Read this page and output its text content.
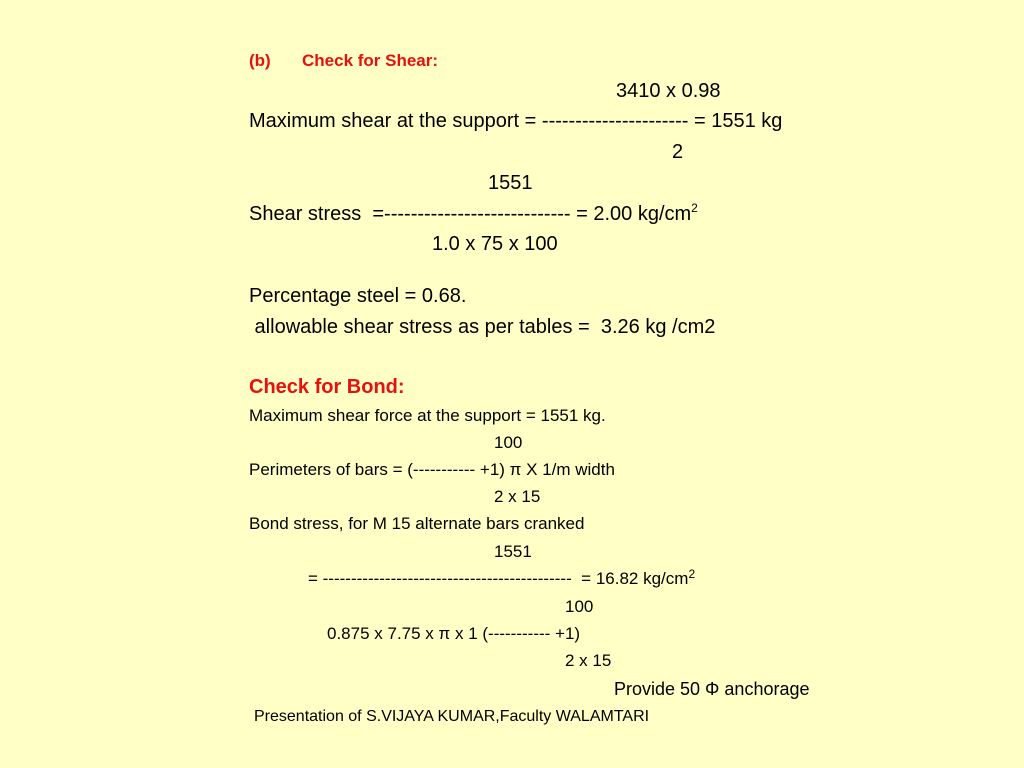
(b) Check for Shear:
3410 x 0.98
Maximum shear at the support = ---------------------- = 1551 kg
2
1551
Shear stress  =---------------------------- = 2.00 $kg/cm^2$
1.0 x 75 x 100
Percentage steel = 0.68.
allowable shear stress as per tables =  3.26 kg /cm2
Check for Bond:
Maximum shear force at the support = 1551 kg.
100
Perimeters of bars = (----------- +1) π X 1/m width
2 x 15
Bond stress, for M 15 alternate bars cranked
1551
= --------------------------------------------  = 16.82 $kg/cm^2$
100
0.875 x 7.75 x π x 1 (----------- +1)
2 x 15
Provide 50 Φ anchorage
Presentation of S.VIJAYA KUMAR,Faculty WALAMTARI
